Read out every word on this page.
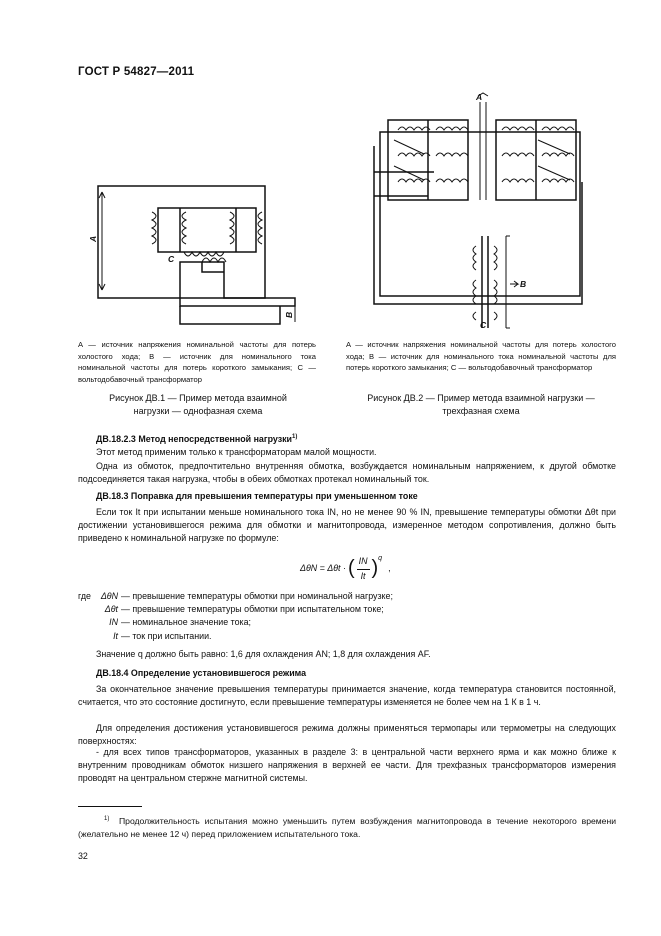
ГОСТ Р 54827—2011
A
C
B
A
B
C
A — источник напряжения номинальной частоты для потерь холостого хода; B — источник для номинального тока номинальной частоты для потерь короткого замыкания; C — вольтодобавочный трансформатор
A — источник напряжения номинальной частоты для потерь холостого хода; B — источник для номинального тока номинальной частоты для потерь короткого замыкания; C — вольтодобавочный трансформатор
Рисунок ДВ.1 — Пример метода взаимной
нагрузки — однофазная схема
Рисунок ДВ.2 — Пример метода взаимной нагрузки —
трехфазная схема
ДВ.18.2.3 Метод непосредственной нагрузки$^{1)}$
Этот метод применим только к трансформаторам малой мощности.
Одна из обмоток, предпочтительно внутренняя обмотка, возбуждается номинальным напряжением, к другой обмотке подсоединяется такая нагрузка, чтобы в обеих обмотках протекал номинальный ток.
ДВ.18.3 Поправка для превышения температуры при уменьшенном токе
Если ток It при испытании меньше номинального тока IN, но не менее 90 % IN, превышение температуры обмотки Δθt при достижении установившегося режима для обмотки и магнитопровода, измеренное методом сопротивления, должно быть приведено к номинальной нагрузке по формуле:
ΔθN = Δθt · ( $\frac{IN}{It} )^q$
,
где	ΔθN — превышение температуры обмотки при номинальной нагрузке;
Δθt — превышение температуры обмотки при испытательном токе;
IN — номинальное значение тока;
It — ток при испытании.
Значение q должно быть равно: 1,6 для охлаждения AN; 1,8 для охлаждения AF.
ДВ.18.4 Определение установившегося режима
За окончательное значение превышения температуры принимается значение, когда температура становится постоянной, считается, что это состояние достигнуто, если превышение температуры изменяется не более чем на 1 К в 1 ч.
Для определения достижения установившегося режима должны применяться термопары или термометры на следующих поверхностях:
- для всех типов трансформаторов, указанных в разделе 3: в центральной части верхнего ярма и как можно ближе к внутренним проводникам обмоток низшего напряжения в верхней ее части. Для трехфазных трансформаторов измерения проводят на центральном стержне магнитной системы.
$^{1)}$ Продолжительность испытания можно уменьшить путем возбуждения магнитопровода в течение некоторого времени (желательно не менее 12 ч) перед приложением испытательного тока.
32
